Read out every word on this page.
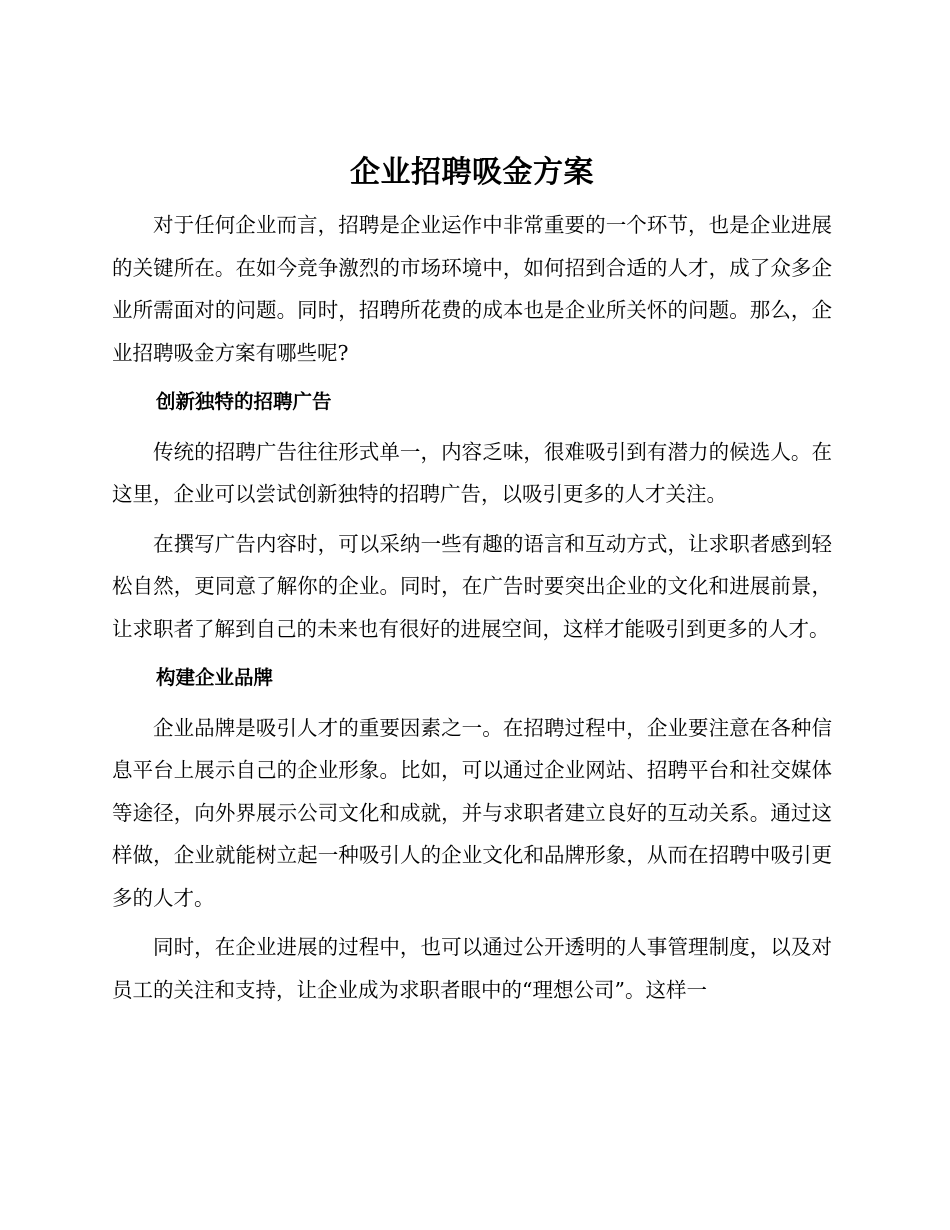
企业招聘吸金方案

对于任何企业而言，招聘是企业运作中非常重要的一个环节，也是企业进展的关键所在。在如今竞争激烈的市场环境中，如何招到合适的人才，成了众多企业所需面对的问题。同时，招聘所花费的成本也是企业所关怀的问题。那么，企业招聘吸金方案有哪些呢?

创新独特的招聘广告

传统的招聘广告往往形式单一，内容乏味，很难吸引到有潜力的候选人。在这里，企业可以尝试创新独特的招聘广告，以吸引更多的人才关注。

在撰写广告内容时，可以采纳一些有趣的语言和互动方式，让求职者感到轻松自然，更同意了解你的企业。同时，在广告时要突出企业的文化和进展前景，让求职者了解到自己的未来也有很好的进展空间，这样才能吸引到更多的人才。

构建企业品牌

企业品牌是吸引人才的重要因素之一。在招聘过程中，企业要注意在各种信息平台上展示自己的企业形象。比如，可以通过企业网站、招聘平台和社交媒体等途径，向外界展示公司文化和成就，并与求职者建立良好的互动关系。通过这样做，企业就能树立起一种吸引人的企业文化和品牌形象，从而在招聘中吸引更多的人才。

同时，在企业进展的过程中，也可以通过公开透明的人事管理制度，以及对员工的关注和支持，让企业成为求职者眼中的“理想公司”。这样一
